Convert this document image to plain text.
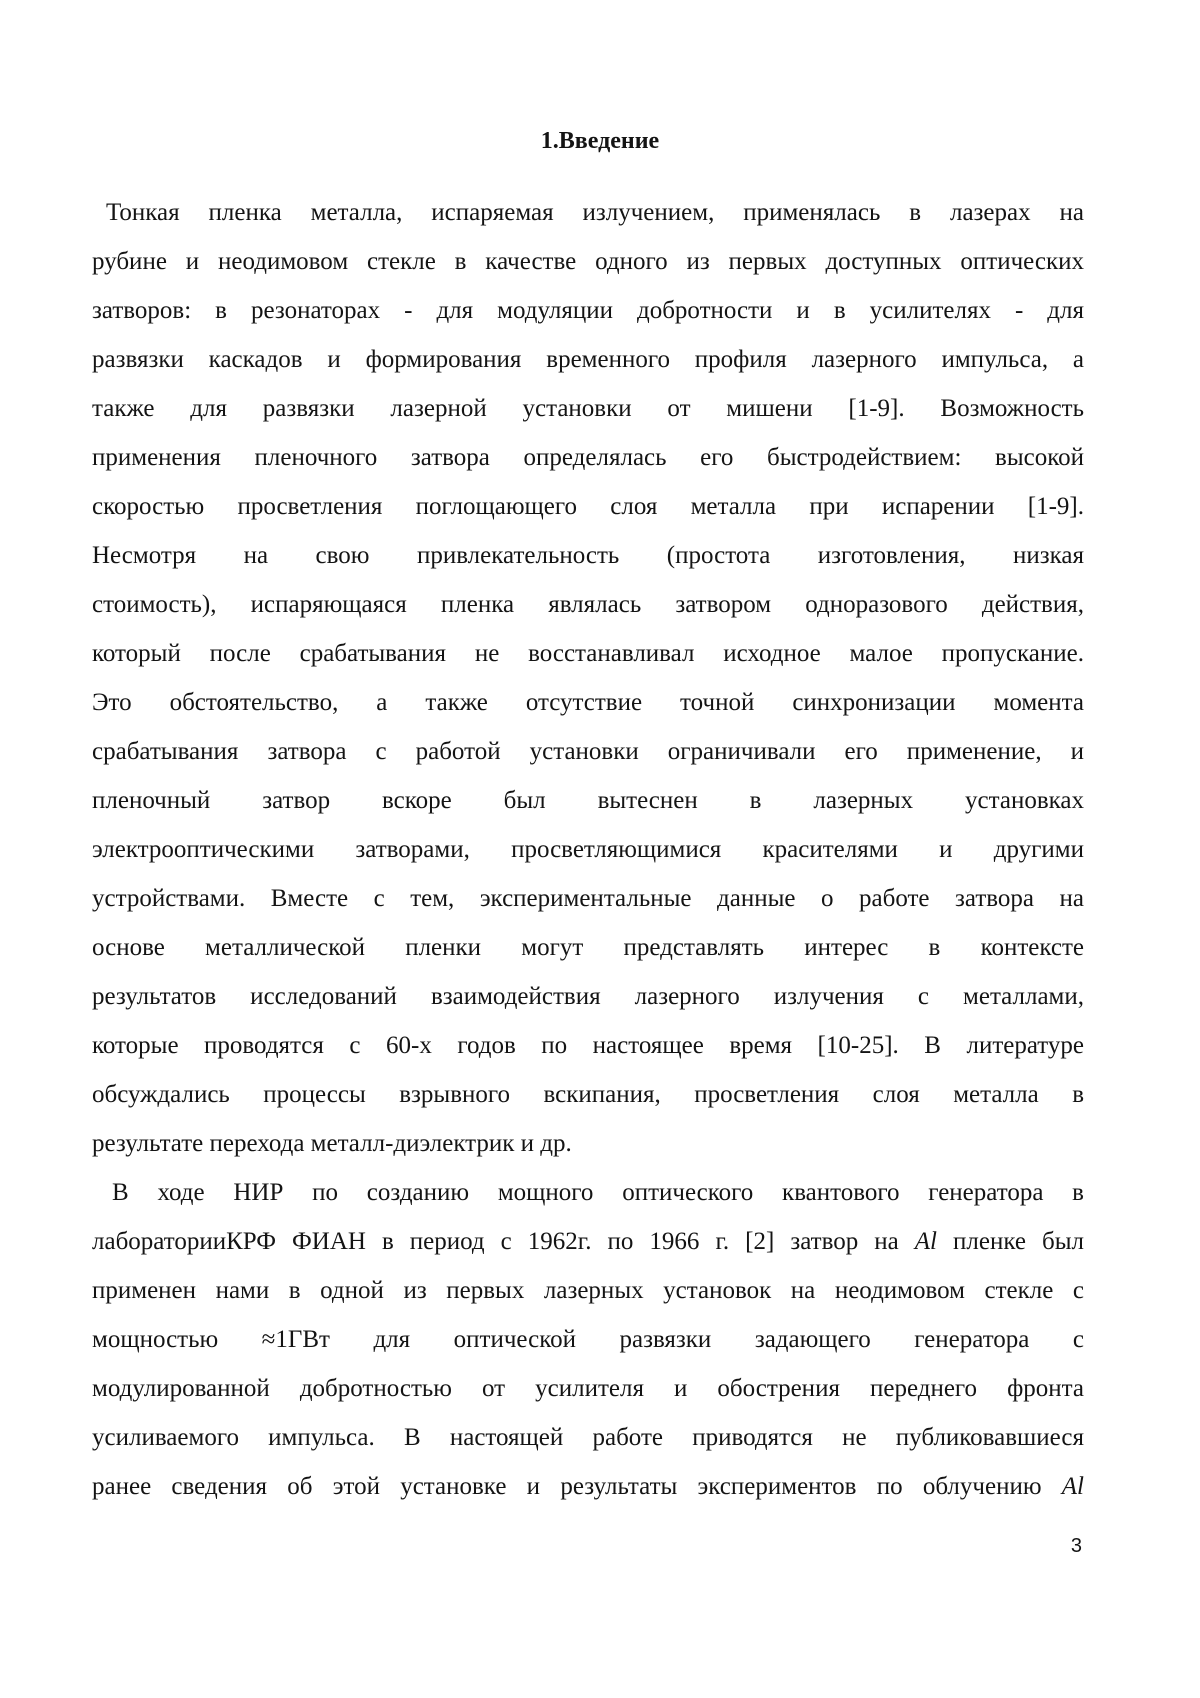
1.Введение

Тонкая пленка металла, испаряемая излучением, применялась в лазерах на

рубине и неодимовом стекле в качестве одного из первых доступных оптических

затворов: в резонаторах - для модуляции добротности и в усилителях - для

развязки каскадов и формирования временного профиля лазерного импульса, а

также для развязки лазерной установки от мишени [1-9]. Возможность

применения пленочного затвора определялась его быстродействием: высокой

скоростью просветления поглощающего слоя металла при испарении [1-9].

Несмотря на свою привлекательность (простота изготовления, низкая

стоимость), испаряющаяся пленка являлась затвором одноразового действия,

который после срабатывания не восстанавливал исходное малое пропускание.

Это обстоятельство, а также отсутствие точной синхронизации момента

срабатывания затвора с работой установки ограничивали его применение, и

пленочный затвор вскоре был вытеснен в лазерных установках

электрооптическими затворами, просветляющимися красителями и другими

устройствами. Вместе с тем, экспериментальные данные о работе затвора на

основе металлической пленки могут представлять интерес в контексте

результатов исследований взаимодействия лазерного излучения с металлами,

которые проводятся с 60-х годов по настоящее время [10-25]. В литературе

обсуждались процессы взрывного вскипания, просветления слоя металла в

результате перехода металл-диэлектрик и др.

В ходе НИР по созданию мощного оптического квантового генератора в

лабораторииКРФ ФИАН в период с 1962г. по 1966 г. [2] затвор на Al пленке был

применен нами в одной из первых лазерных установок на неодимовом стекле с

мощностью ≈1ГВт для оптической развязки задающего генератора с

модулированной добротностью от усилителя и обострения переднего фронта

усиливаемого импульса. В настоящей работе приводятся не публиковавшиеся

ранее сведения об этой установке и результаты экспериментов по облучению Al

3
